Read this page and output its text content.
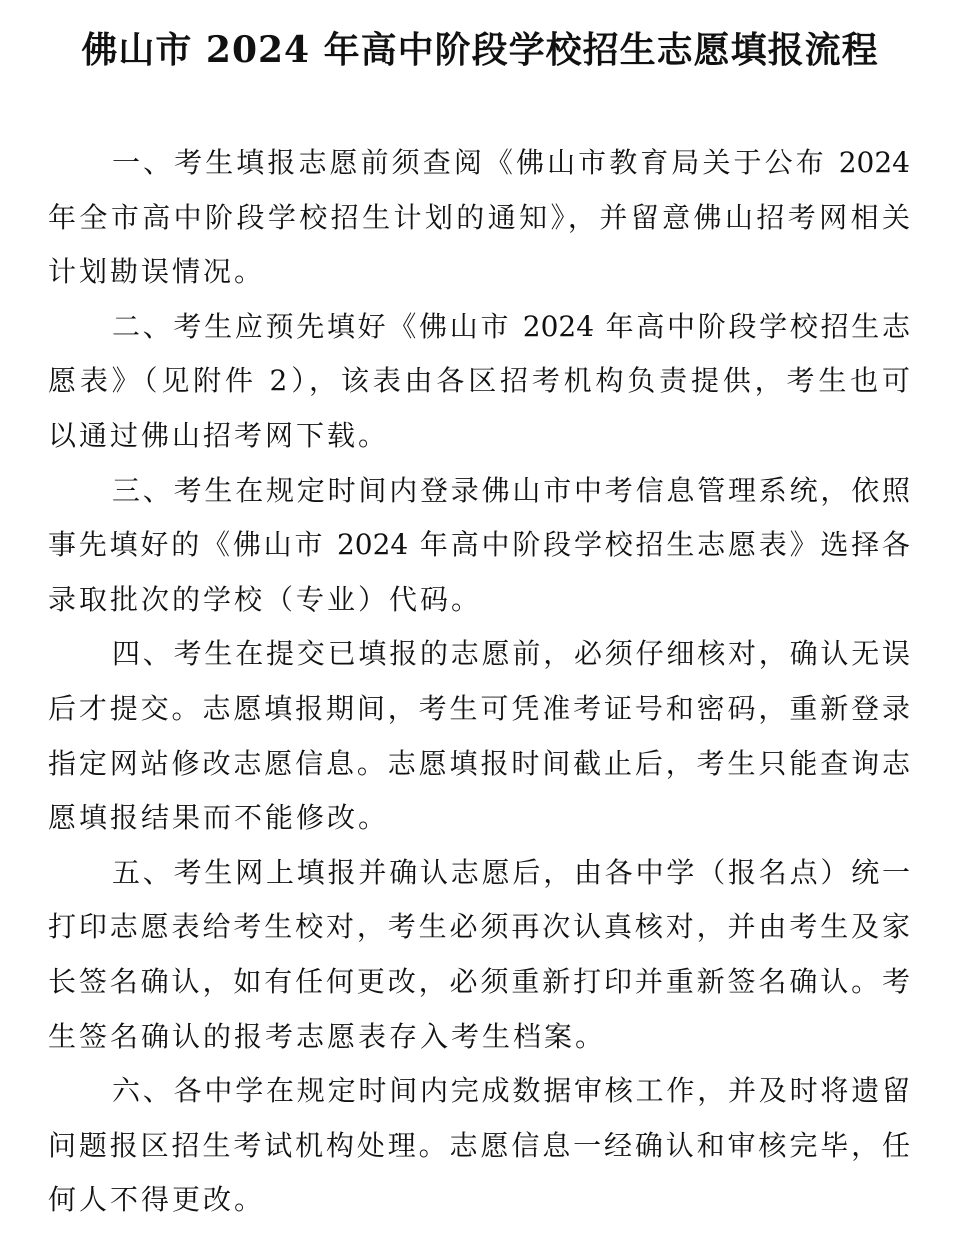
佛山市 2024 年高中阶段学校招生志愿填报流程
一、考生填报志愿前须查阅《佛山市教育局关于公布 2024
年全市高中阶段学校招生计划的通知》，并留意佛山招考网相关
计划勘误情况。
二、考生应预先填好《佛山市 2024 年高中阶段学校招生志
愿表》（见附件 2），该表由各区招考机构负责提供，考生也可
以通过佛山招考网下载。
三、考生在规定时间内登录佛山市中考信息管理系统，依照
事先填好的《佛山市 2024 年高中阶段学校招生志愿表》选择各
录取批次的学校（专业）代码。
四、考生在提交已填报的志愿前，必须仔细核对，确认无误
后才提交。志愿填报期间，考生可凭准考证号和密码，重新登录
指定网站修改志愿信息。志愿填报时间截止后，考生只能查询志
愿填报结果而不能修改。
五、考生网上填报并确认志愿后，由各中学（报名点）统一
打印志愿表给考生校对，考生必须再次认真核对，并由考生及家
长签名确认，如有任何更改，必须重新打印并重新签名确认。考
生签名确认的报考志愿表存入考生档案。
六、各中学在规定时间内完成数据审核工作，并及时将遗留
问题报区招生考试机构处理。志愿信息一经确认和审核完毕，任
何人不得更改。
